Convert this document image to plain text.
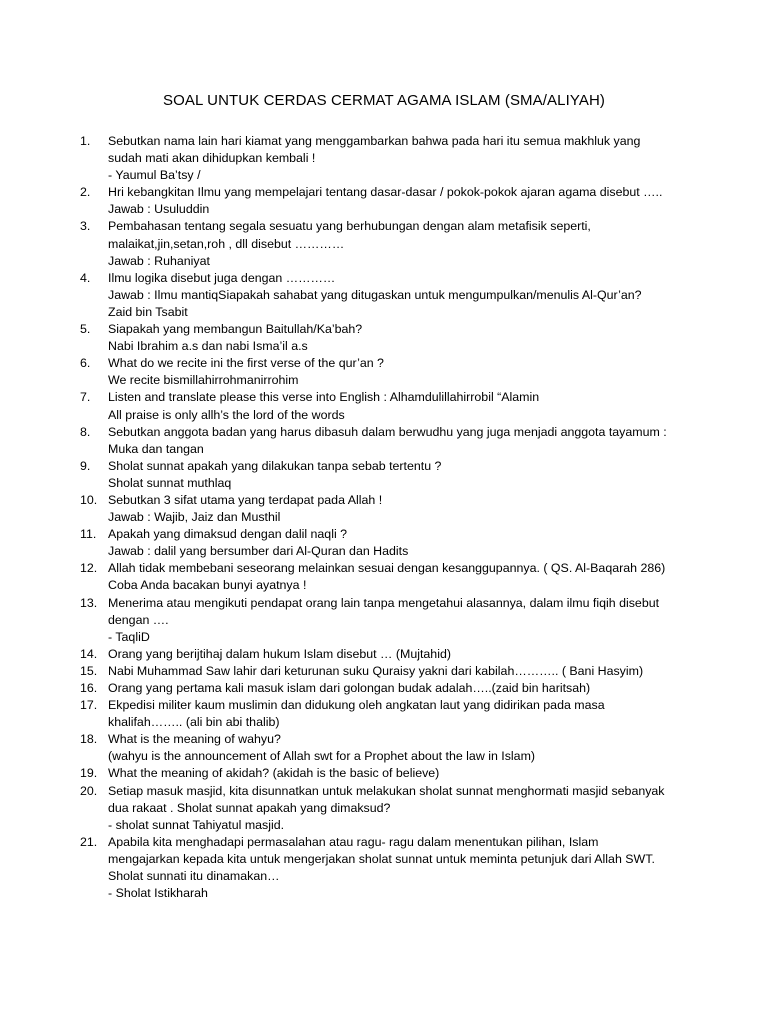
SOAL UNTUK CERDAS CERMAT AGAMA ISLAM (SMA/ALIYAH)
1.	Sebutkan nama lain hari kiamat yang menggambarkan bahwa pada hari itu semua makhluk yang
sudah mati akan dihidupkan kembali !
- Yaumul Ba’tsy /
2.	Hri kebangkitan Ilmu yang mempelajari tentang dasar-dasar / pokok-pokok ajaran agama disebut …..
Jawab : Usuluddin
3.	Pembahasan tentang segala sesuatu yang berhubungan dengan alam metafisik seperti,
malaikat,jin,setan,roh , dll disebut …………
Jawab : Ruhaniyat
4.	Ilmu logika disebut juga dengan …………
Jawab : Ilmu mantiqSiapakah sahabat yang ditugaskan untuk mengumpulkan/menulis Al-Qur’an?
Zaid bin Tsabit
5.	Siapakah yang membangun Baitullah/Ka’bah?
Nabi Ibrahim a.s dan nabi Isma’il a.s
6.	What do we recite ini the first verse of the qur’an ?
We recite bismillahirrohmanirrohim
7.	Listen and translate please this verse into English : Alhamdulillahirrobil “Alamin
All praise is only allh’s the lord of the words
8.	Sebutkan anggota badan yang harus dibasuh dalam berwudhu yang juga menjadi anggota tayamum :
Muka dan tangan
9.	Sholat sunnat apakah yang dilakukan tanpa sebab tertentu ?
Sholat sunnat muthlaq
10. Sebutkan 3 sifat utama yang terdapat pada Allah !
Jawab : Wajib, Jaiz dan Musthil
11. Apakah yang dimaksud dengan dalil naqli ?
Jawab : dalil yang bersumber dari Al-Quran dan Hadits
12. Allah tidak membebani seseorang melainkan sesuai dengan kesanggupannya. ( QS. Al-Baqarah 286)
Coba Anda bacakan bunyi ayatnya !
13. Menerima atau mengikuti pendapat orang lain tanpa mengetahui alasannya, dalam ilmu fiqih disebut
dengan ….
- TaqliD
14. Orang yang berijtihaj dalam hukum Islam disebut … (Mujtahid)
15. Nabi Muhammad Saw lahir dari keturunan suku Quraisy yakni dari kabilah……….. ( Bani Hasyim)
16. Orang yang pertama kali masuk islam dari golongan budak adalah…..(zaid bin haritsah)
17. Ekpedisi militer kaum muslimin dan didukung oleh angkatan laut yang didirikan pada masa
khalifah…….. (ali bin abi thalib)
18. What is the meaning of wahyu?
(wahyu is the announcement of Allah swt for a Prophet about the law in Islam)
19. What the meaning of akidah? (akidah is the basic of believe)
20. Setiap masuk masjid, kita disunnatkan untuk melakukan sholat sunnat menghormati masjid sebanyak
dua rakaat . Sholat sunnat apakah yang dimaksud?
- sholat sunnat Tahiyatul masjid.
21. Apabila kita menghadapi permasalahan atau ragu- ragu dalam menentukan pilihan, Islam
mengajarkan kepada kita untuk mengerjakan sholat sunnat untuk meminta petunjuk dari Allah SWT.
Sholat sunnati itu dinamakan…
- Sholat Istikharah
